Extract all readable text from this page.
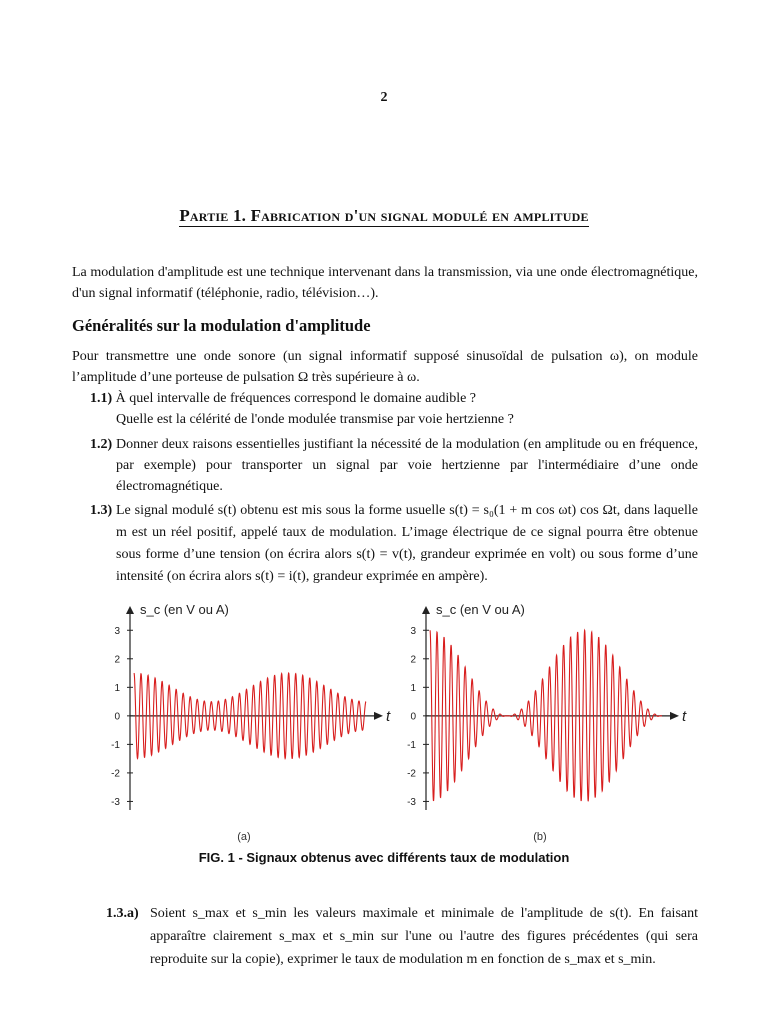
2
Partie 1. Fabrication d'un signal modulé en amplitude
La modulation d'amplitude est une technique intervenant dans la transmission, via une onde électromagnétique, d'un signal informatif (téléphonie, radio, télévision…).
Généralités sur la modulation d'amplitude
Pour transmettre une onde sonore (un signal informatif supposé sinusoïdal de pulsation ω), on module l’amplitude d’une porteuse de pulsation Ω très supérieure à ω.
1.1) À quel intervalle de fréquences correspond le domaine audible ?
Quelle est la célérité de l'onde modulée transmise par voie hertzienne ?
1.2) Donner deux raisons essentielles justifiant la nécessité de la modulation (en amplitude ou en fréquence, par exemple) pour transporter un signal par voie hertzienne par l'intermédiaire d’une onde électromagnétique.
1.3) Le signal modulé s(t) obtenu est mis sous la forme usuelle s(t) = s₀(1 + m cos ωt) cos Ωt, dans laquelle m est un réel positif, appelé taux de modulation. L’image électrique de ce signal pourra être obtenue sous forme d’une tension (on écrira alors s(t) = v(t), grandeur exprimée en volt) ou sous forme d’une intensité (on écrira alors s(t) = i(t), grandeur exprimée en ampère).
-3
-2
-1
0
1
2
3
s_c (en V ou A)
t
(a)
-3
-2
-1
0
1
2
3
s_c (en V ou A)
t
(b)
FIG. 1 - Signaux obtenus avec différents taux de modulation
1.3.a) Soient s_max et s_min les valeurs maximale et minimale de l'amplitude de s(t). En faisant apparaître clairement s_max et s_min sur l'une ou l'autre des figures précédentes (qui sera reproduite sur la copie), exprimer le taux de modulation m en fonction de s_max et s_min.
